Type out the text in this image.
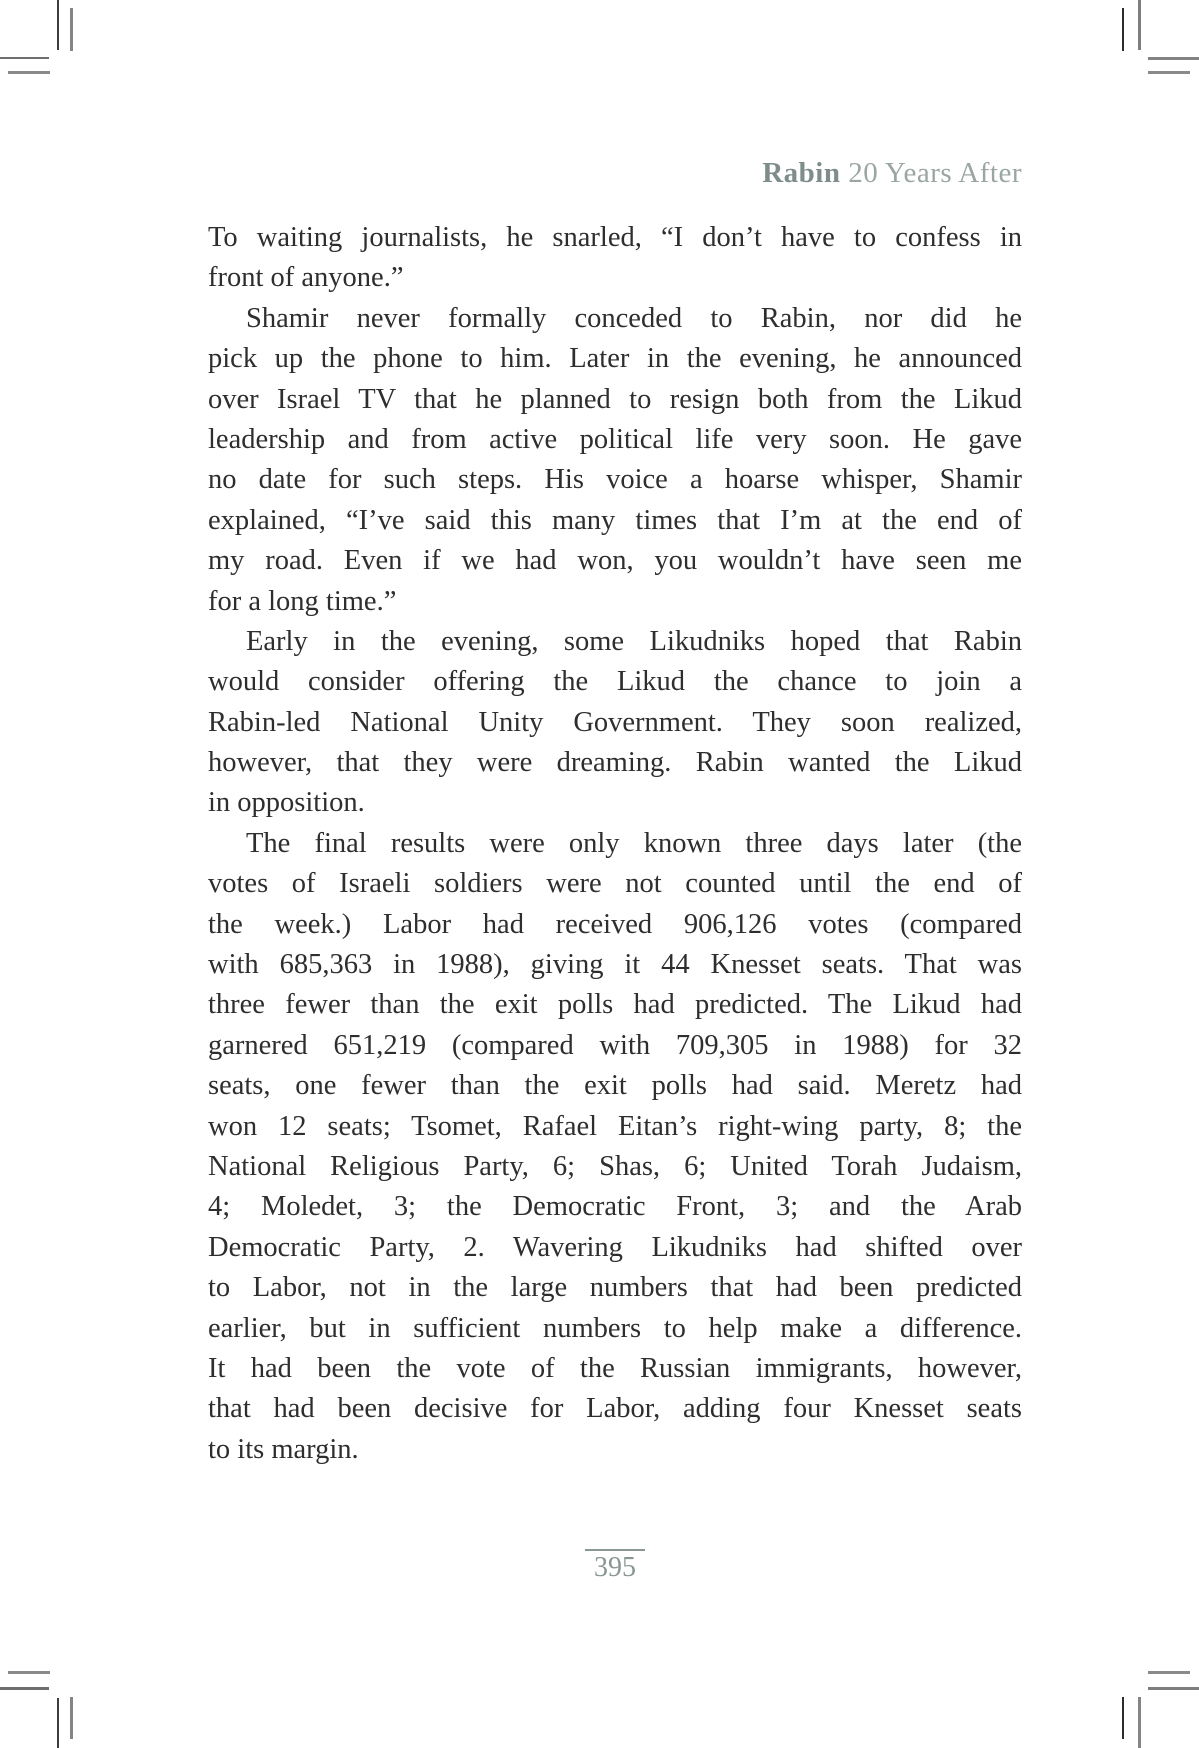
Rabin 20 Years After
To waiting journalists, he snarled, “I don’t have to confess in
front of anyone.”
Shamir never formally conceded to Rabin, nor did he
pick up the phone to him. Later in the evening, he announced
over Israel TV that he planned to resign both from the Likud
leadership and from active political life very soon. He gave
no date for such steps. His voice a hoarse whisper, Shamir
explained, “I’ve said this many times that I’m at the end of
my road. Even if we had won, you wouldn’t have seen me
for a long time.”
Early in the evening, some Likudniks hoped that Rabin
would consider offering the Likud the chance to join a
Rabin-led National Unity Government. They soon realized,
however, that they were dreaming. Rabin wanted the Likud
in opposition.
The final results were only known three days later (the
votes of Israeli soldiers were not counted until the end of
the week.) Labor had received 906,126 votes (compared
with 685,363 in 1988), giving it 44 Knesset seats. That was
three fewer than the exit polls had predicted. The Likud had
garnered 651,219 (compared with 709,305 in 1988) for 32
seats, one fewer than the exit polls had said. Meretz had
won 12 seats; Tsomet, Rafael Eitan’s right-wing party, 8; the
National Religious Party, 6; Shas, 6; United Torah Judaism,
4; Moledet, 3; the Democratic Front, 3; and the Arab
Democratic Party, 2. Wavering Likudniks had shifted over
to Labor, not in the large numbers that had been predicted
earlier, but in sufficient numbers to help make a difference.
It had been the vote of the Russian immigrants, however,
that had been decisive for Labor, adding four Knesset seats
to its margin.
395
